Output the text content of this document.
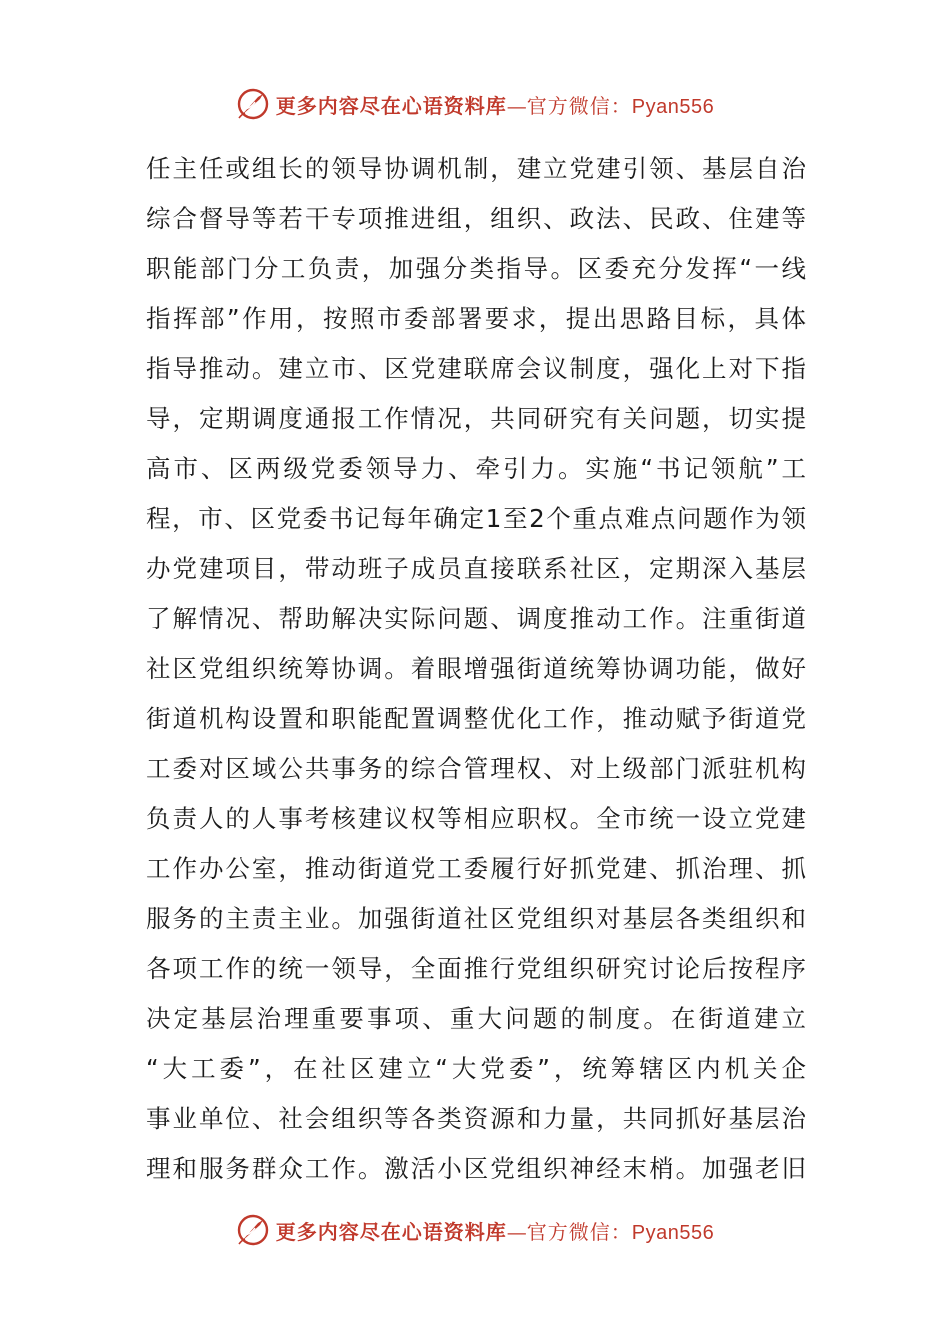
更多内容尽在心语资料库—官方微信：Pyan556
任主任或组长的领导协调机制，建立党建引领、基层自治
综合督导等若干专项推进组，组织、政法、民政、住建等
职能部门分工负责，加强分类指导。区委充分发挥“一线
指挥部”作用，按照市委部署要求，提出思路目标，具体
指导推动。建立市、区党建联席会议制度，强化上对下指
导，定期调度通报工作情况，共同研究有关问题，切实提
高市、区两级党委领导力、牵引力。实施“书记领航”工
程，市、区党委书记每年确定1至2个重点难点问题作为领
办党建项目，带动班子成员直接联系社区，定期深入基层
了解情况、帮助解决实际问题、调度推动工作。注重街道
社区党组织统筹协调。着眼增强街道统筹协调功能，做好
街道机构设置和职能配置调整优化工作，推动赋予街道党
工委对区域公共事务的综合管理权、对上级部门派驻机构
负责人的人事考核建议权等相应职权。全市统一设立党建
工作办公室，推动街道党工委履行好抓党建、抓治理、抓
服务的主责主业。加强街道社区党组织对基层各类组织和
各项工作的统一领导，全面推行党组织研究讨论后按程序
决定基层治理重要事项、重大问题的制度。在街道建立
“大工委”，在社区建立“大党委”，统筹辖区内机关企
事业单位、社会组织等各类资源和力量，共同抓好基层治
理和服务群众工作。激活小区党组织神经末梢。加强老旧
更多内容尽在心语资料库—官方微信：Pyan556
